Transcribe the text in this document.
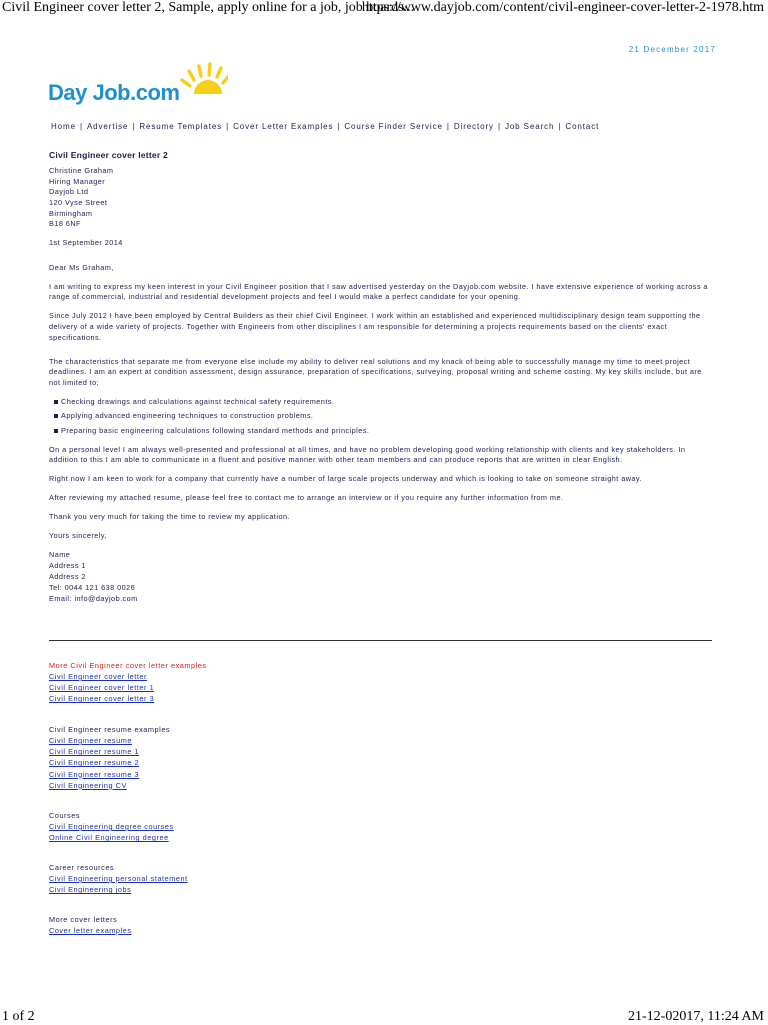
Civil Engineer cover letter 2, Sample, apply online for a job, job boards...
https://www.dayjob.com/content/civil-engineer-cover-letter-2-1978.htm
21 December 2017
Day Job.com
Home | Advertise | Resume Templates | Cover Letter Examples | Course Finder Service | Directory | Job Search | Contact
Civil Engineer cover letter 2
Christine Graham
Hiring Manager
Dayjob Ltd
120 Vyse Street
Birmingham
B18 6NF

1st September 2014

Dear Ms Graham,

I am writing to express my keen interest in your Civil Engineer position that I saw advertised yesterday on the Dayjob.com website. I have extensive experience of working across a range of commercial, industrial and residential development projects and feel I would make a perfect candidate for your opening.

Since July 2012 I have been employed by Central Builders as their chief Civil Engineer. I work within an established and experienced multidisciplinary design team supporting the delivery of a wide variety of projects. Together with Engineers from other disciplines I am responsible for determining a projects requirements based on the clients' exact specifications.

The characteristics that separate me from everyone else include my ability to deliver real solutions and my knack of being able to successfully manage my time to meet project deadlines. I am an expert at condition assessment, design assurance, preparation of specifications, surveying, proposal writing and scheme costing. My key skills include, but are not limited to;

Checking drawings and calculations against technical safety requirements.
Applying advanced engineering techniques to construction problems.
Preparing basic engineering calculations following standard methods and principles.

On a personal level I am always well-presented and professional at all times, and have no problem developing good working relationship with clients and key stakeholders. In addition to this I am able to communicate in a fluent and positive manner with other team members and can produce reports that are written in clear English.

Right now I am keen to work for a company that currently have a number of large scale projects underway and which is looking to take on someone straight away.

After reviewing my attached resume, please feel free to contact me to arrange an interview or if you require any further information from me.

Thank you very much for taking the time to review my application.

Yours sincerely,

Name
Address 1
Address 2
Tel: 0044 121 638 0026
Email: info@dayjob.com
More Civil Engineer cover letter examples
Civil Engineer cover letter
Civil Engineer cover letter 1
Civil Engineer cover letter 3
Civil Engineer resume examples
Civil Engineer resume
Civil Engineer resume 1
Civil Engineer resume 2
Civil Engineer resume 3
Civil Engineering CV
Courses
Civil Engineering degree courses
Online Civil Engineering degree
Career resources
Civil Engineering personal statement
Civil Engineering jobs
More cover letters
Cover letter examples
1 of 2	21-12-02017, 11:24 AM
